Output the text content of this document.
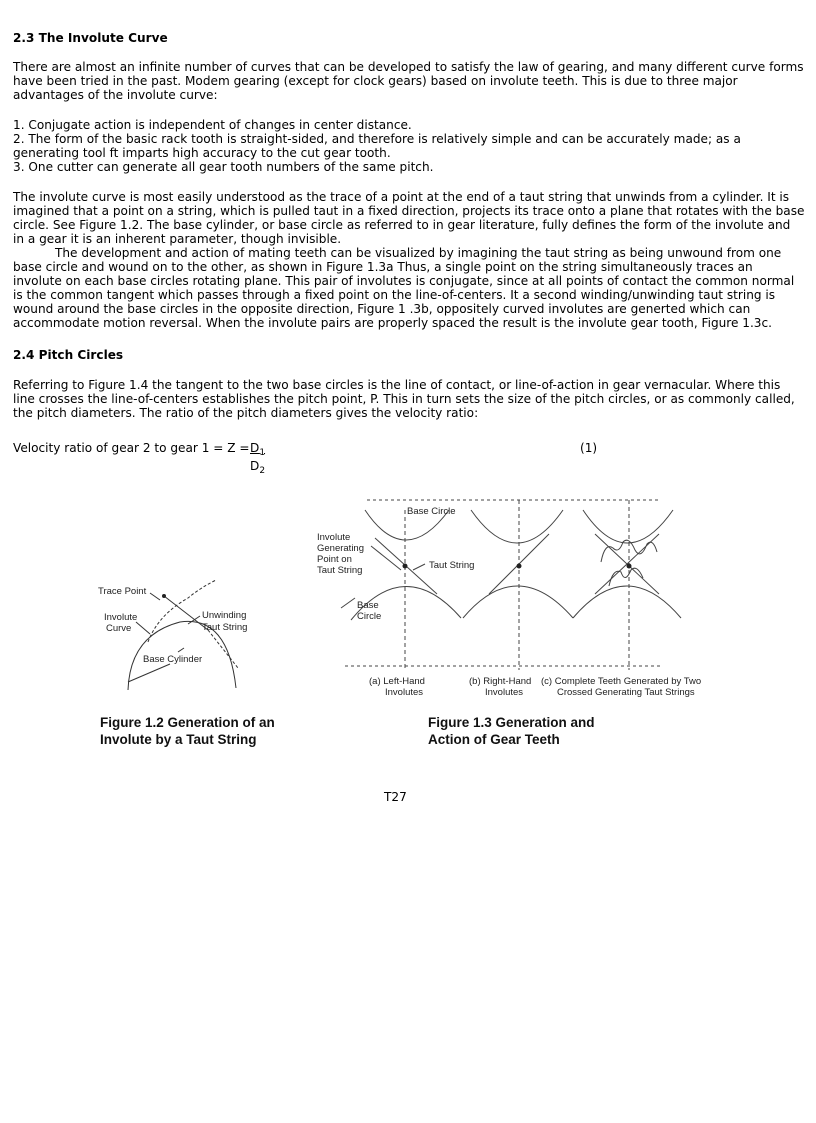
2.3 The Involute Curve

There are almost an infinite number of curves that can be developed to satisfy the law of gearing, and many different curve forms have been tried in the past. Modem gearing (except for clock gears) based on involute teeth. This is due to three major advantages of the involute curve:

1. Conjugate action is independent of changes in center distance.
2. The form of the basic rack tooth is straight-sided, and therefore is relatively simple and can be accurately made; as a generating tool ft imparts high accuracy to the cut gear tooth.
3. One cutter can generate all gear tooth numbers of the same pitch.

The involute curve is most easily understood as the trace of a point at the end of a taut string that unwinds from a cylinder. It is imagined that a point on a string, which is pulled taut in a fixed direction, projects its trace onto a plane that rotates with the base circle. See Figure 1.2. The base cylinder, or base circle as referred to in gear literature, fully defines the form of the involute and in a gear it is an inherent parameter, though invisible.

The development and action of mating teeth can be visualized by imagining the taut string as being unwound from one base circle and wound on to the other, as shown in Figure 1.3a Thus, a single point on the string simultaneously traces an involute on each base circles rotating plane. This pair of involutes is conjugate, since at all points of contact the common normal is the common tangent which passes through a fixed point on the line-of-centers. It a second winding/unwinding taut string is wound around the base circles in the opposite direction, Figure 1 .3b, oppositely curved involutes are generted which can accommodate motion reversal. When the involute pairs are properly spaced the result is the involute gear tooth, Figure 1.3c.

2.4 Pitch Circles

Referring to Figure 1.4 the tangent to the two base circles is the line of contact, or line-of-action in gear vernacular. Where this line crosses the line-of-centers establishes the pitch point, P. This in turn sets the size of the pitch circles, or as commonly called, the pitch diameters. The ratio of the pitch diameters gives the velocity ratio:

Velocity ratio of gear 2 to gear $1 = Z = \frac{D_1}{D_2}$	(1)
Trace Point
Involute
Curve
Unwinding
Taut String
Base Cylinder
Figure 1.2 Generation of an
Involute by a Taut String
Base Circle
Involute
Generating
Point on
Taut String	Taut String
Base
Circle
(a) Left-Hand
Involutes
(b) Right-Hand
Involutes
(c) Complete Teeth Generated by Two
Crossed Generating Taut Strings
Figure 1.3 Generation and
Action of Gear Teeth
T27
